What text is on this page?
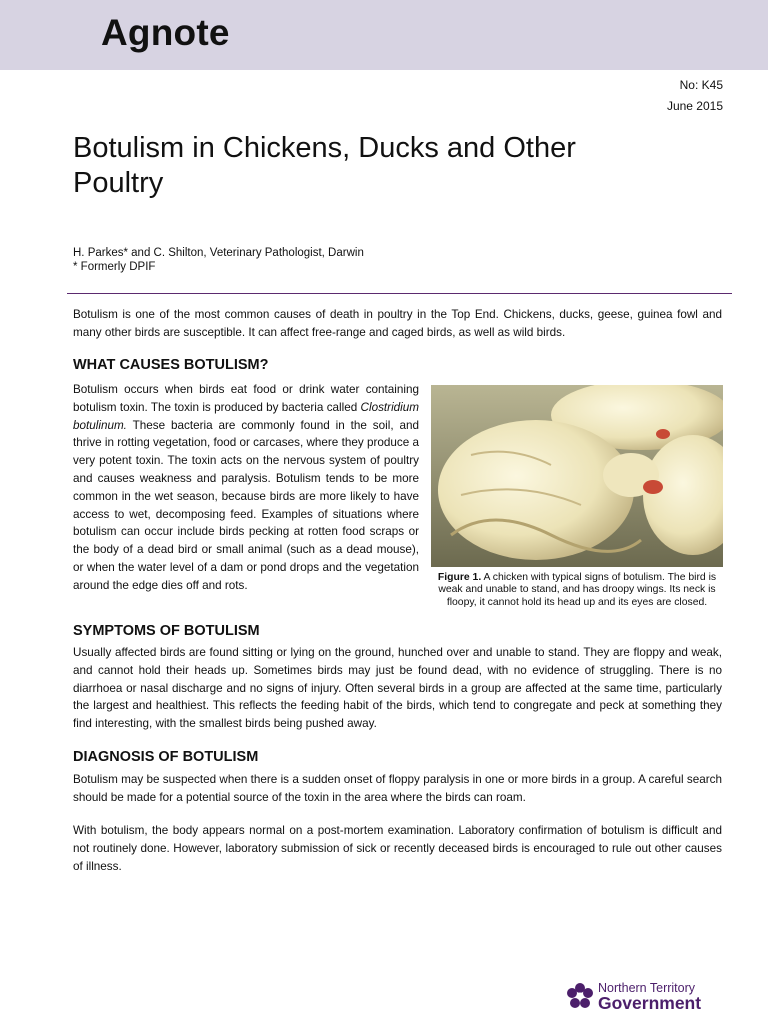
Agnote
No: K45
June 2015
Botulism in Chickens, Ducks and Other Poultry
H. Parkes* and C. Shilton, Veterinary Pathologist, Darwin
* Formerly DPIF

Botulism is one of the most common causes of death in poultry in the Top End. Chickens, ducks, geese, guinea fowl and many other birds are susceptible. It can affect free-range and caged birds, as well as wild birds.

WHAT CAUSES BOTULISM?

Botulism occurs when birds eat food or drink water containing botulism toxin. The toxin is produced by bacteria called Clostridium botulinum. These bacteria are commonly found in the soil, and thrive in rotting vegetation, food or carcases, where they produce a very potent toxin. The toxin acts on the nervous system of poultry and causes weakness and paralysis. Botulism tends to be more common in the wet season, because birds are more likely to have access to wet, decomposing feed. Examples of situations where botulism can occur include birds pecking at rotten food scraps or the body of a dead bird or small animal (such as a dead mouse), or when the water level of a dam or pond drops and the vegetation around the edge dies off and rots.

Figure 1. A chicken with typical signs of botulism. The bird is weak and unable to stand, and has droopy wings. Its neck is floopy, it cannot hold its head up and its eyes are closed.
SYMPTOMS OF BOTULISM

Usually affected birds are found sitting or lying on the ground, hunched over and unable to stand. They are floppy and weak, and cannot hold their heads up. Sometimes birds may just be found dead, with no evidence of struggling. There is no diarrhoea or nasal discharge and no signs of injury. Often several birds in a group are affected at the same time, particularly the largest and healthiest. This reflects the feeding habit of the birds, which tend to congregate and peck at something they find interesting, with the smallest birds being pushed away.

DIAGNOSIS OF BOTULISM

Botulism may be suspected when there is a sudden onset of floppy paralysis in one or more birds in a group. A careful search should be made for a potential source of the toxin in the area where the birds can roam.

With botulism, the body appears normal on a post-mortem examination. Laboratory confirmation of botulism is difficult and not routinely done. However, laboratory submission of sick or recently deceased birds is encouraged to rule out other causes of illness.

Northern Territory
Government
